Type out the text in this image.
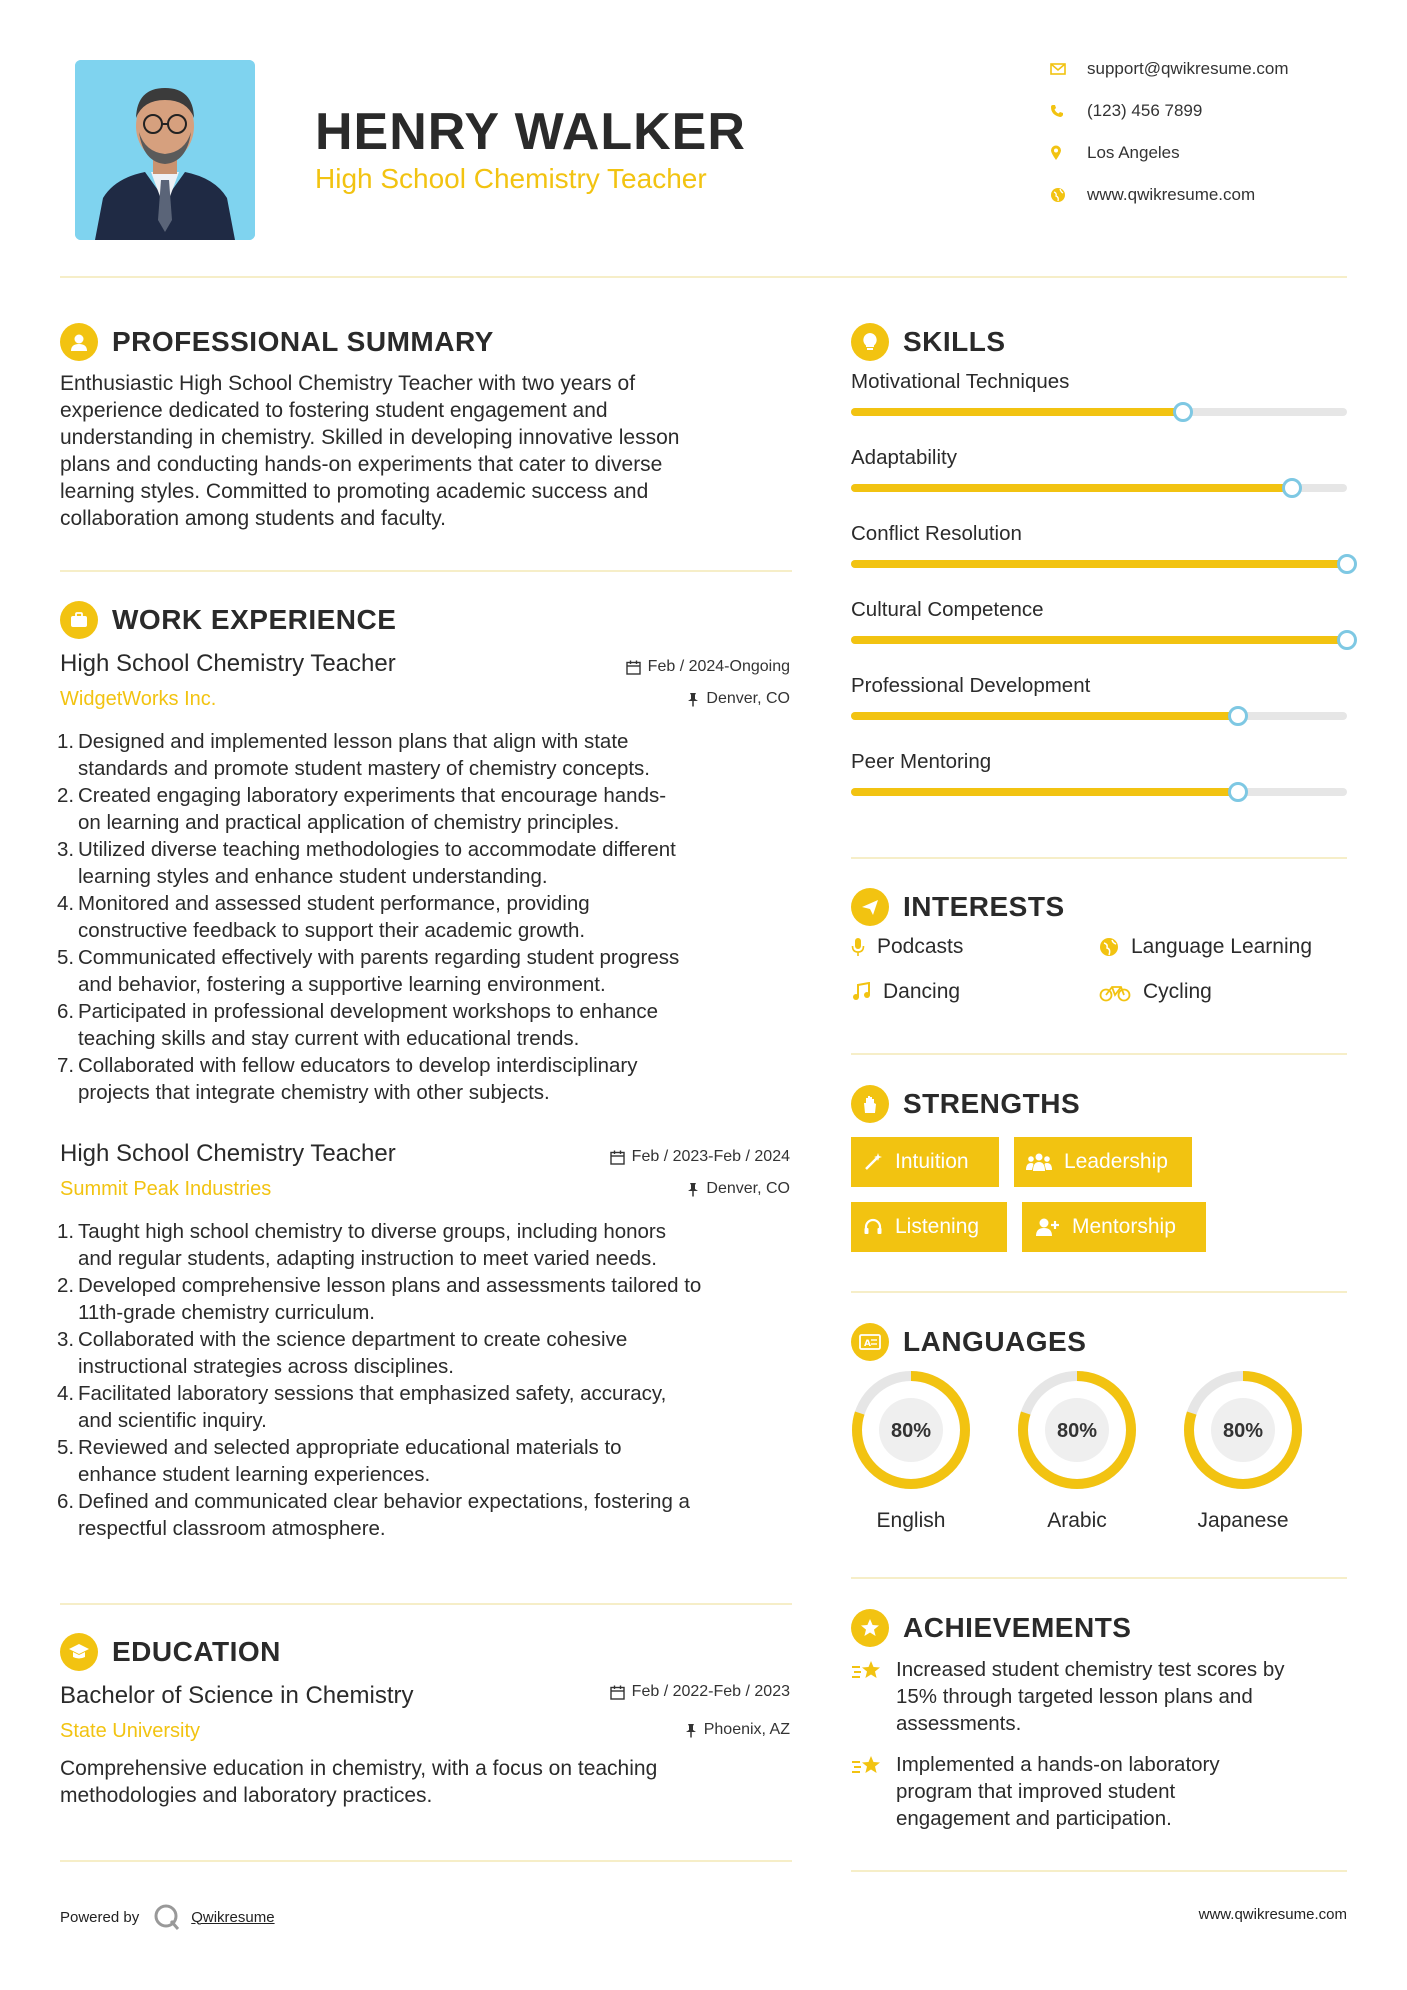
HENRY WALKER
High School Chemistry Teacher
support@qwikresume.com
(123) 456 7899
Los Angeles
www.qwikresume.com
PROFESSIONAL SUMMARY
Enthusiastic High School Chemistry Teacher with two years of
experience dedicated to fostering student engagement and
understanding in chemistry. Skilled in developing innovative lesson
plans and conducting hands-on experiments that cater to diverse
learning styles. Committed to promoting academic success and
collaboration among students and faculty.
WORK EXPERIENCE
High School Chemistry Teacher	Feb / 2024-Ongoing
WidgetWorks Inc.	Denver, CO
1. Designed and implemented lesson plans that align with state
standards and promote student mastery of chemistry concepts.
2. Created engaging laboratory experiments that encourage hands-
on learning and practical application of chemistry principles.
3. Utilized diverse teaching methodologies to accommodate different
learning styles and enhance student understanding.
4. Monitored and assessed student performance, providing
constructive feedback to support their academic growth.
5. Communicated effectively with parents regarding student progress
and behavior, fostering a supportive learning environment.
6. Participated in professional development workshops to enhance
teaching skills and stay current with educational trends.
7. Collaborated with fellow educators to develop interdisciplinary
projects that integrate chemistry with other subjects.
High School Chemistry Teacher	Feb / 2023-Feb / 2024
Summit Peak Industries	Denver, CO
1. Taught high school chemistry to diverse groups, including honors
and regular students, adapting instruction to meet varied needs.
2. Developed comprehensive lesson plans and assessments tailored to
11th-grade chemistry curriculum.
3. Collaborated with the science department to create cohesive
instructional strategies across disciplines.
4. Facilitated laboratory sessions that emphasized safety, accuracy,
and scientific inquiry.
5. Reviewed and selected appropriate educational materials to
enhance student learning experiences.
6. Defined and communicated clear behavior expectations, fostering a
respectful classroom atmosphere.
EDUCATION
Bachelor of Science in Chemistry	Feb / 2022-Feb / 2023
State University	Phoenix, AZ
Comprehensive education in chemistry, with a focus on teaching
methodologies and laboratory practices.
SKILLS
Motivational Techniques
Adaptability
Conflict Resolution
Cultural Competence
Professional Development
Peer Mentoring
INTERESTS
Podcasts	Language Learning
Dancing	Cycling
STRENGTHS
Intuition	Leadership
Listening	Mentorship
A LANGUAGES
80%
English
80%
Arabic
80%
Japanese
ACHIEVEMENTS
Increased student chemistry test scores by
15% through targeted lesson plans and
assessments.
Implemented a hands-on laboratory
program that improved student
engagement and participation.
Powered by	Qwikresume	www.qwikresume.com
